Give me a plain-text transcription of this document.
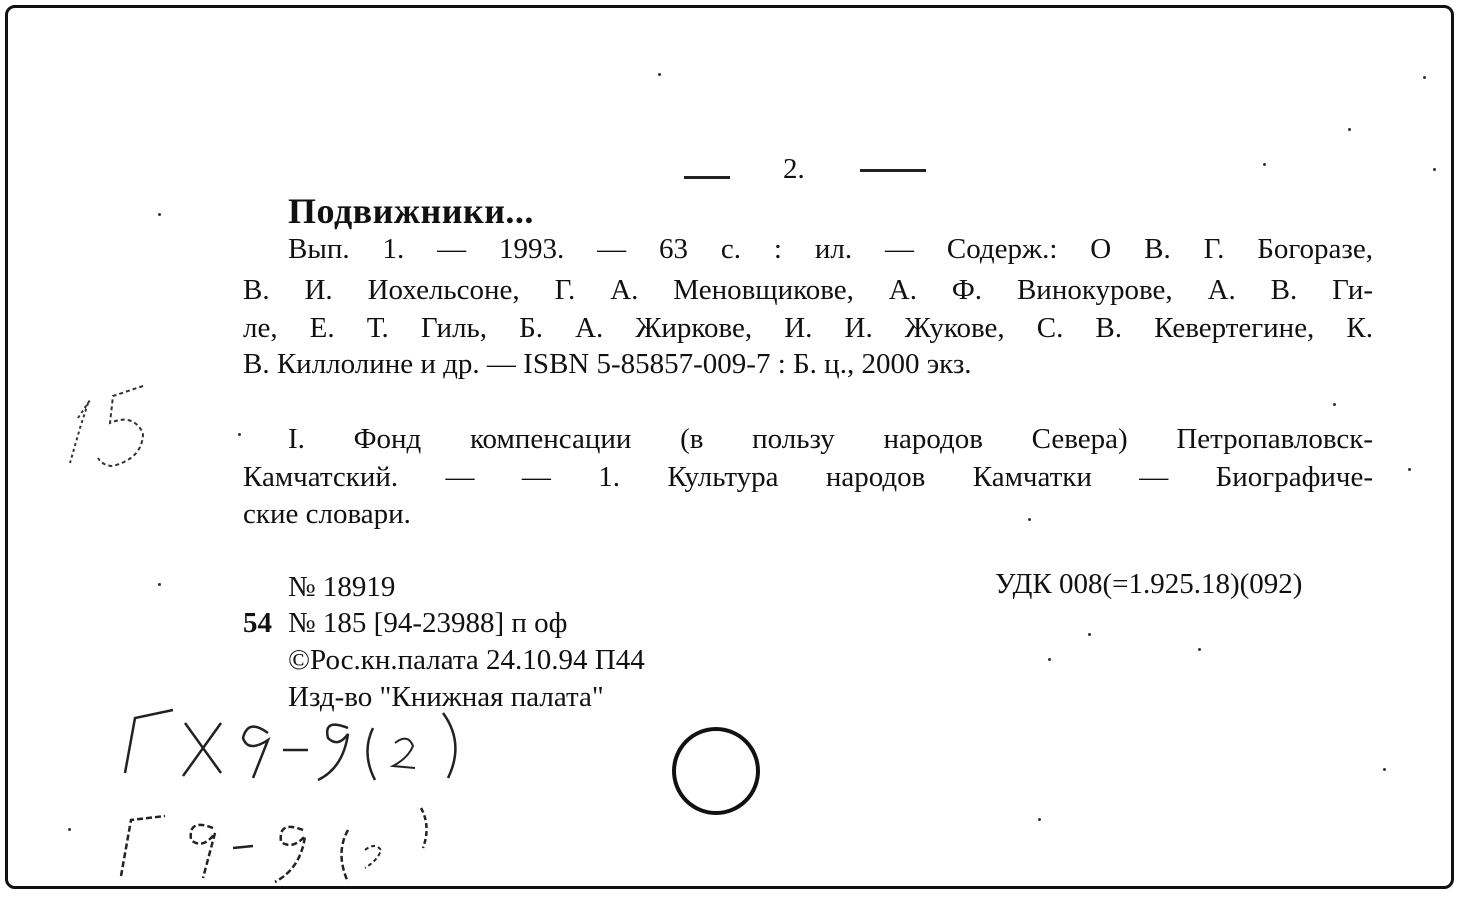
2.
Подвижники...
Вып. 1. — 1993. — 63 с. : ил. — Содерж.: О В. Г. Богоразе,
В. И. Иохельсоне, Г. А. Меновщикове, А. Ф. Винокурове, А. В. Ги-
ле, Е. Т. Гиль, Б. А. Жиркове, И. И. Жукове, С. В. Кевертегине, К.
В. Киллолине и др. — ISBN 5-85857-009-7 : Б. ц., 2000 экз.
I. Фонд компенсации (в пользу народов Севера) Петропавловск-
Камчатский. — — 1. Культура народов Камчатки — Биографиче-
ские словари.
№ 18919	УДК 008(=1.925.18)(092)
54 № 185 [94-23988] п оф
©Рос.кн.палата 24.10.94 П44
Изд-во "Книжная палата"
